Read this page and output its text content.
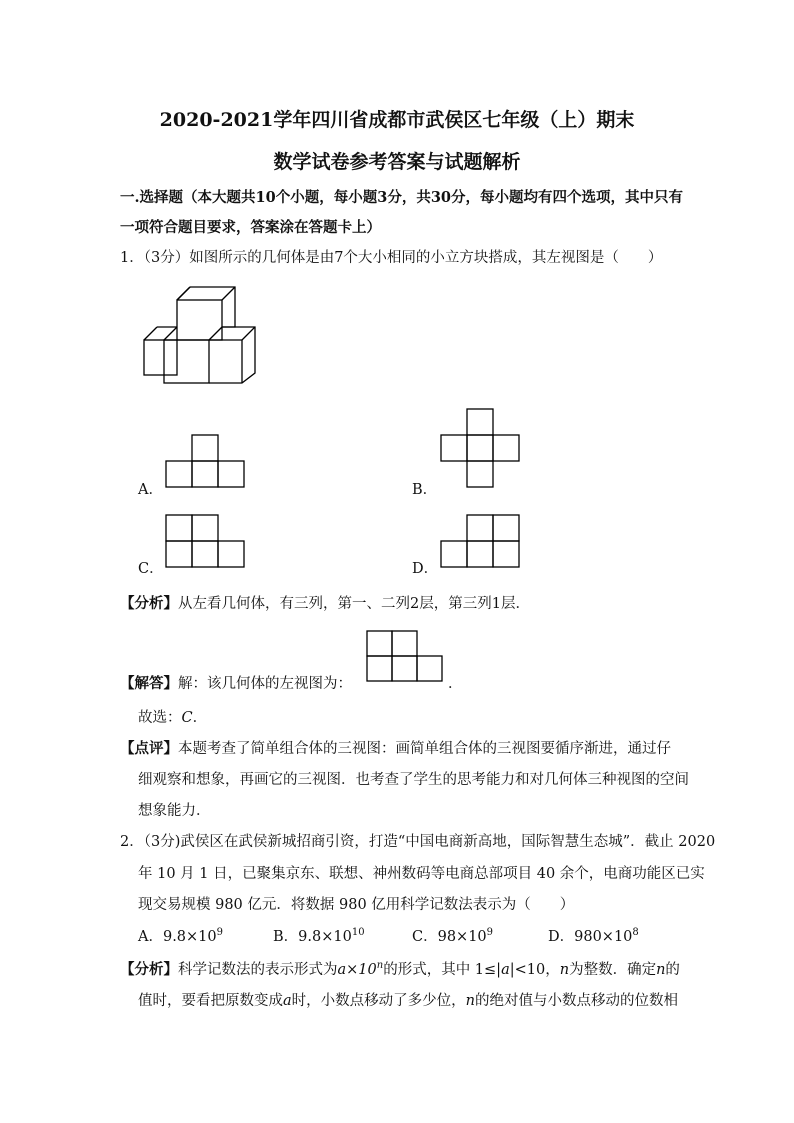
2020-2021学年四川省成都市武侯区七年级（上）期末
数学试卷参考答案与试题解析
一.选择题（本大题共10个小题，每小题3分，共30分，每小题均有四个选项，其中只有
一项符合题目要求，答案涂在答题卡上）
1．（3分）如图所示的几何体是由7个大小相同的小立方块搭成，其左视图是（　　）
A．	B．
C．	D．
【分析】从左看几何体，有三列，第一、二列2层，第三列1层．
【解答】解：该几何体的左视图为：	．
故选：C．
【点评】本题考查了简单组合体的三视图：画简单组合体的三视图要循序渐进，通过仔
细观察和想象，再画它的三视图．也考查了学生的思考能力和对几何体三种视图的空间
想象能力．
2．（3分)武侯区在武侯新城招商引资，打造“中国电商新高地，国际智慧生态城”．截止 2020
年 10 月 1 日，已聚集京东、联想、神州数码等电商总部项目 40 余个，电商功能区已实
现交易规模 980 亿元．将数据 980 亿用科学记数法表示为（　　）
A．$9.8\times 10^9$	B．$9.8\times 10^{10}$	C．$98\times 10^9$	D．$980\times 10^8$
【分析】科学记数法的表示形式为$a\times 10^n$的形式，其中 1≤|a|<10，n为整数．确定n的
值时，要看把原数变成a时，小数点移动了多少位，n的绝对值与小数点移动的位数相
